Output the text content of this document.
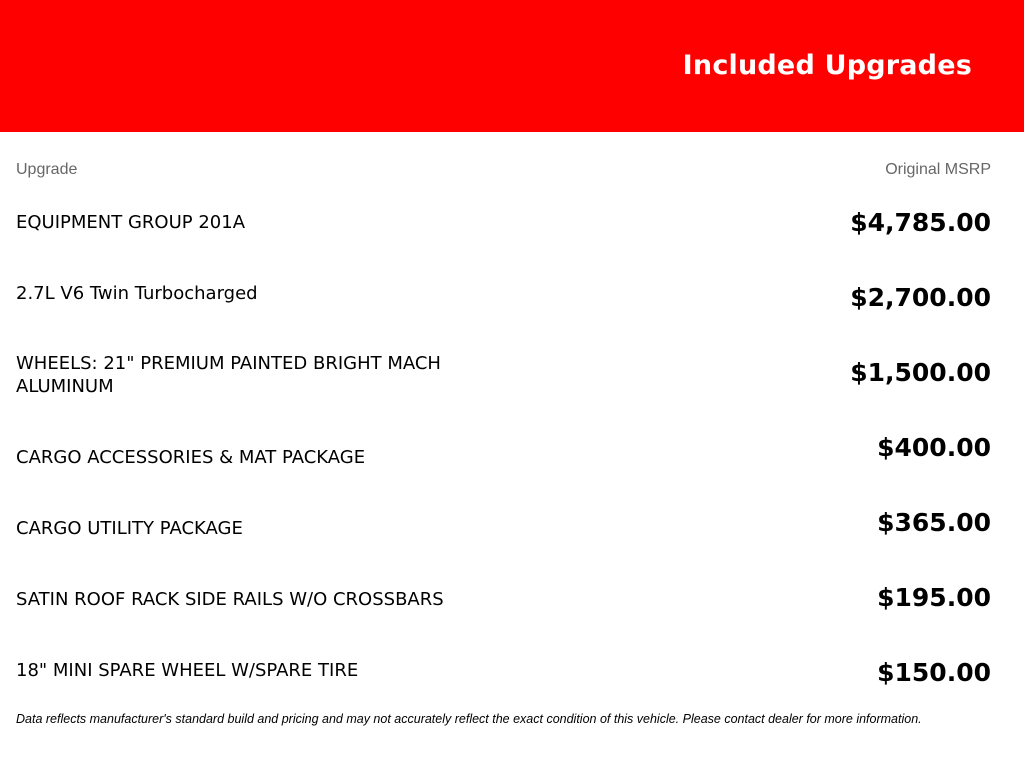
Included Upgrades
Upgrade	Original MSRP
EQUIPMENT GROUP 201A	$4,785.00
2.7L V6 Twin Turbocharged	$2,700.00
WHEELS: 21" PREMIUM PAINTED BRIGHT MACH ALUMINUM	$1,500.00
CARGO ACCESSORIES & MAT PACKAGE	$400.00
CARGO UTILITY PACKAGE	$365.00
SATIN ROOF RACK SIDE RAILS W/O CROSSBARS	$195.00
18" MINI SPARE WHEEL W/SPARE TIRE	$150.00
Data reflects manufacturer's standard build and pricing and may not accurately reflect the exact condition of this vehicle. Please contact dealer for more information.
